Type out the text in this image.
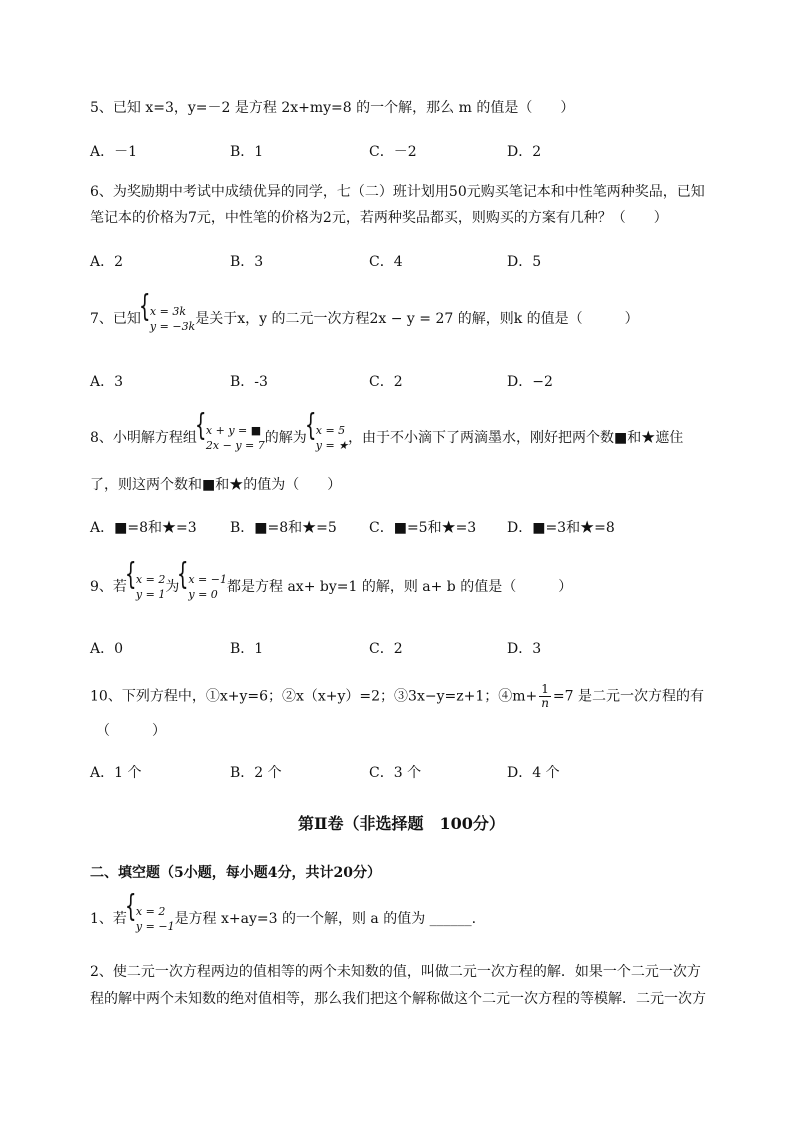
5、已知 x=3，y=－2 是方程 2x+my=8 的一个解，那么 m 的值是（　　）
A．－1	B．1	C．－2	D．2
6、为奖励期中考试中成绩优异的同学，七（二）班计划用50元购买笔记本和中性笔两种奖品，已知
笔记本的价格为7元，中性笔的价格为2元，若两种奖品都买，则购买的方案有几种？（　　）
A．2	B．3	C．4	D．5
7、已知 { x = 3k
y = −3k 是关于x，y 的二元一次方程2x − y = 27 的解，则k 的值是（　　　）
A．3	B．-3	C．2	D．−2
8、小明解方程组 { x + y = ■
2x − y = 7 的解为 { x = 5
y = ★ ，由于不小滴下了两滴墨水，刚好把两个数■和★遮住
了，则这两个数和■和★的值为（　　）
A．■=8和★=3 B．■=8和★=5 C．■=5和★=3 D．■=3和★=8
9、若 { x = 2
y = 1 为 { x = −1
y = 0 都是方程 ax+ by=1 的解，则 a+ b 的值是（　　　）
A．0	B．1	C．2	D．3
10、下列方程中，①x+y=6；②x（x+y）=2；③3x−y=z+1；④m+ $\frac{1}{n} =7$ 是二元一次方程的有
（　　　）
A．1 个	B．2 个	C．3 个	D．4 个
第Ⅱ卷（非选择题　100分）
二、填空题（5小题，每小题4分，共计20分）
1、若 { x = 2
y = −1 是方程 x+ay=3 的一个解，则 a 的值为 ______.
2、使二元一次方程两边的值相等的两个未知数的值，叫做二元一次方程的解．如果一个二元一次方
程的解中两个未知数的绝对值相等，那么我们把这个解称做这个二元一次方程的等模解．二元一次方
